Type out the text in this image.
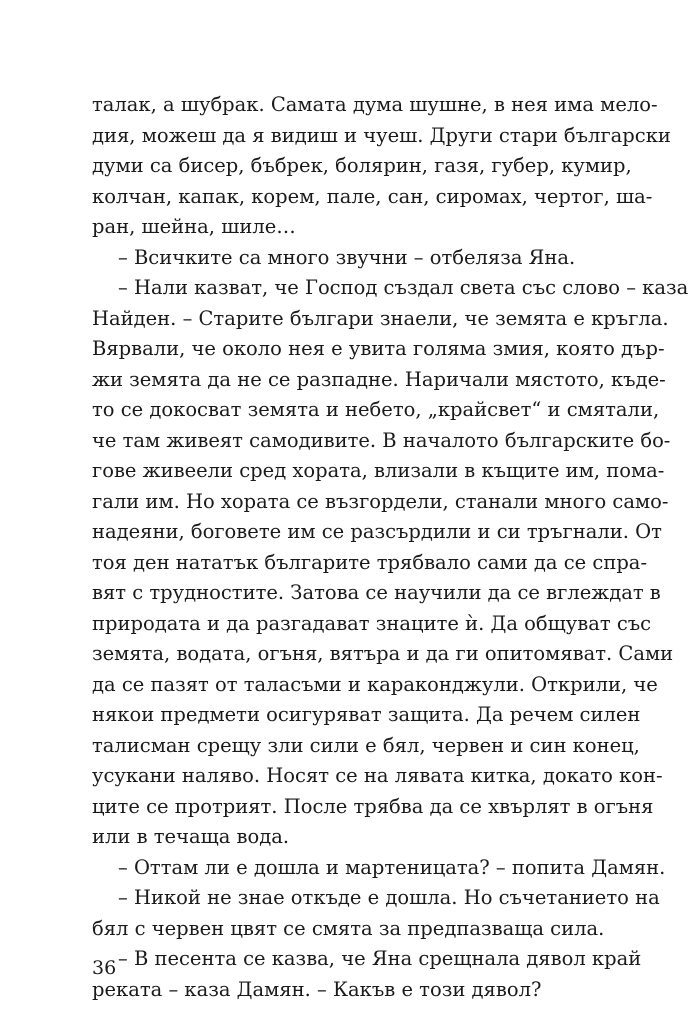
талак, а шубрак. Самата дума шушне, в нея има мело-
дия, можеш да я видиш и чуеш. Други стари български
думи са бисер, бъбрек, болярин, газя, губер, кумир,
колчан, капак, корем, пале, сан, сиромах, чертог, ша-
ран, шейна, шиле…
– Всичките са много звучни – отбеляза Яна.
– Нали казват, че Господ създал света със слово – каза
Найден. – Старите българи знаели, че земята е кръгла.
Вярвали, че около нея е увита голяма змия, която дър-
жи земята да не се разпадне. Наричали мястото, къде-
то се докосват земята и небето, „крайсвет“ и смятали,
че там живеят самодивите. В началото българските бо-
гове живеели сред хората, влизали в къщите им, пома-
гали им. Но хората се възгордели, станали много само-
надеяни, боговете им се разсърдили и си тръгнали. От
тоя ден нататък българите трябвало сами да се спра-
вят с трудностите. Затова се научили да се вглеждат в
природата и да разгадават знаците ѝ. Да общуват със
земята, водата, огъня, вятъра и да ги опитомяват. Сами
да се пазят от таласъми и караконджули. Открили, че
някои предмети осигуряват защита. Да речем силен
талисман срещу зли сили е бял, червен и син конец,
усукани наляво. Носят се на лявата китка, докато кон-
ците се протрият. После трябва да се хвърлят в огъня
или в течаща вода.
– Оттам ли е дошла и мартеницата? – попита Дамян.
– Никой не знае откъде е дошла. Но съчетанието на
бял с червен цвят се смята за предпазваща сила.
– В песента се казва, че Яна срещнала дявол край
реката – каза Дамян. – Какъв е този дявол?
36
